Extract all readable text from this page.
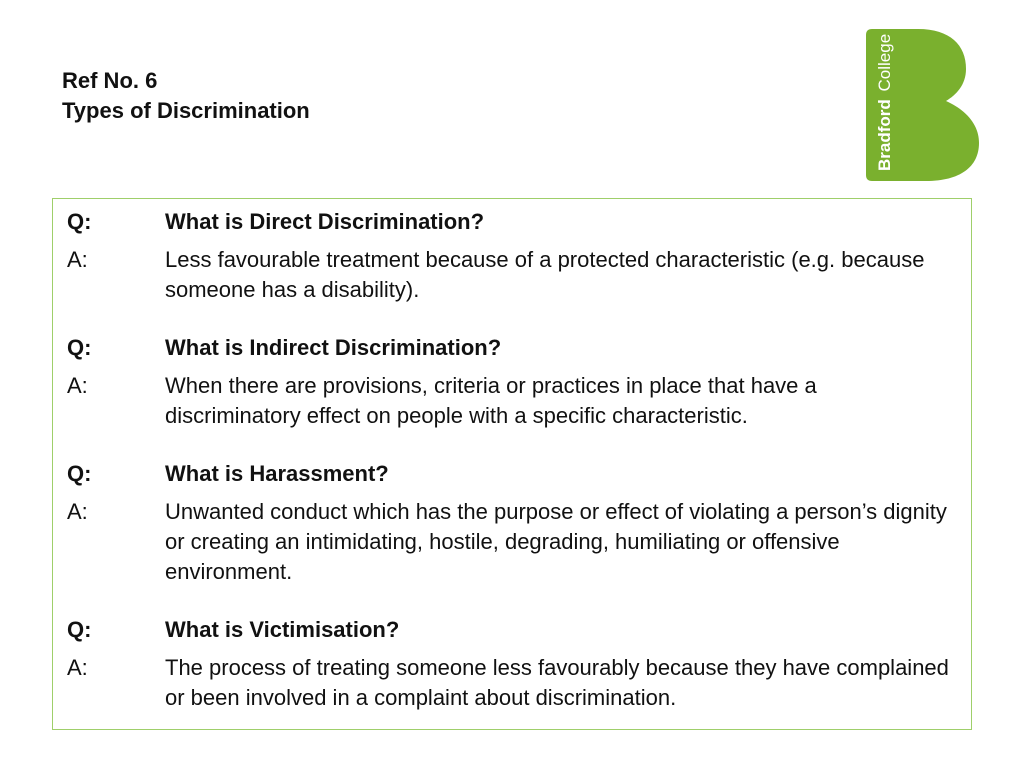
Ref No. 6
Types of Discrimination	Bradford College
Q:	What is Direct Discrimination?
A:	Less favourable treatment because of a protected characteristic (e.g. because someone has a disability).
Q:	What is Indirect Discrimination?
A:	When there are provisions, criteria or practices in place that have a discriminatory effect on people with a specific characteristic.
Q:	What is Harassment?
A:	Unwanted conduct which has the purpose or effect of violating a person’s dignity or creating an intimidating, hostile, degrading, humiliating or offensive environment.
Q:	What is Victimisation?
A:	The process of treating someone less favourably because they have complained or been involved in a complaint about discrimination.
